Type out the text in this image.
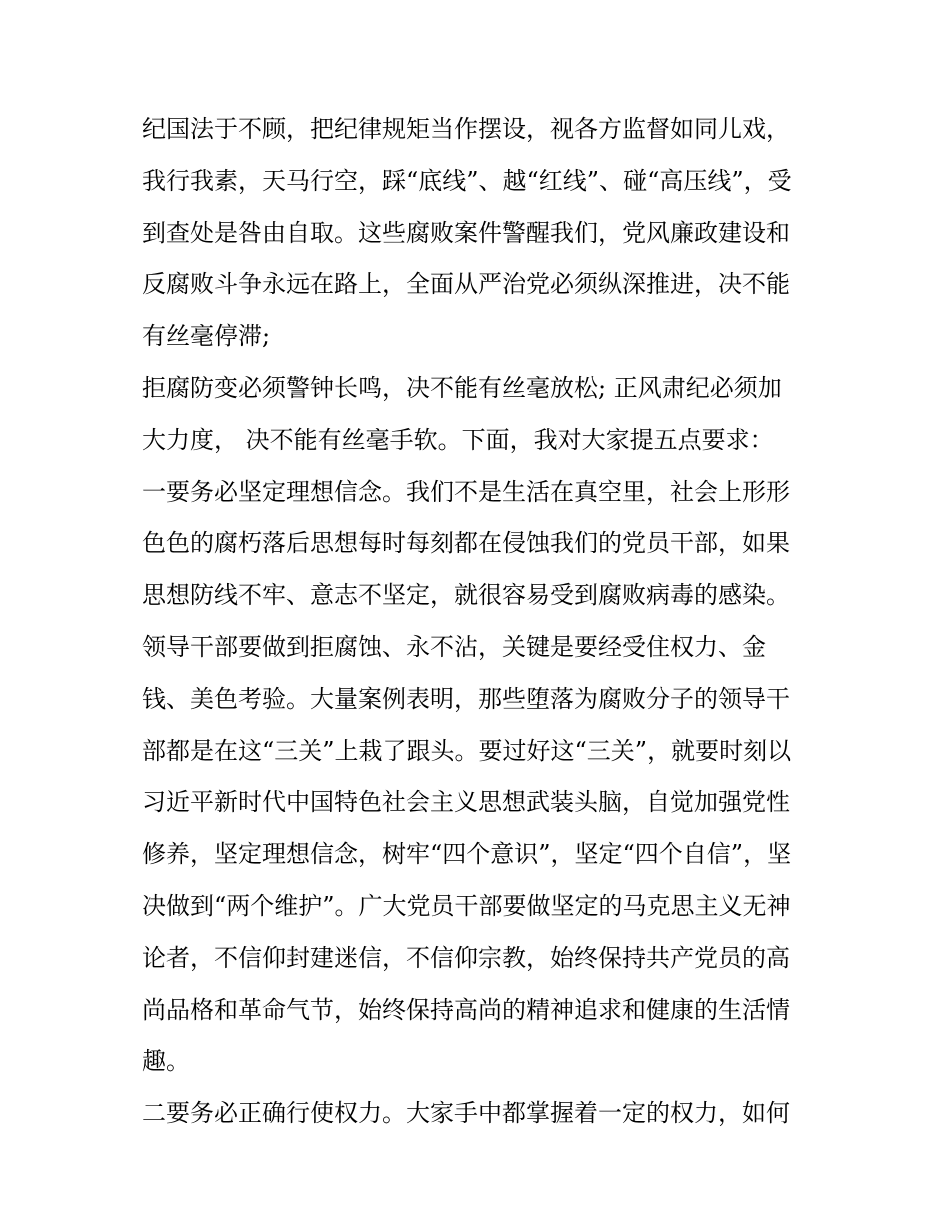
纪国法于不顾，把纪律规矩当作摆设，视各方监督如同儿戏，
我行我素，天马行空，踩“底线”、越“红线”、碰“高压线”，受
到查处是咎由自取。这些腐败案件警醒我们，党风廉政建设和
反腐败斗争永远在路上，全面从严治党必须纵深推进，决不能
有丝毫停滞;
拒腐防变必须警钟长鸣，决不能有丝毫放松; 正风肃纪必须加
大力度， 决不能有丝毫手软。下面，我对大家提五点要求：
一要务必坚定理想信念。我们不是生活在真空里，社会上形形
色色的腐朽落后思想每时每刻都在侵蚀我们的党员干部，如果
思想防线不牢、意志不坚定，就很容易受到腐败病毒的感染。
领导干部要做到拒腐蚀、永不沾，关键是要经受住权力、金
钱、美色考验。大量案例表明，那些堕落为腐败分子的领导干
部都是在这“三关”上栽了跟头。要过好这“三关”，就要时刻以
习近平新时代中国特色社会主义思想武装头脑，自觉加强党性
修养，坚定理想信念，树牢“四个意识”，坚定“四个自信”，坚
决做到“两个维护”。广大党员干部要做坚定的马克思主义无神
论者，不信仰封建迷信，不信仰宗教，始终保持共产党员的高
尚品格和革命气节，始终保持高尚的精神追求和健康的生活情
趣。
二要务必正确行使权力。大家手中都掌握着一定的权力，如何
